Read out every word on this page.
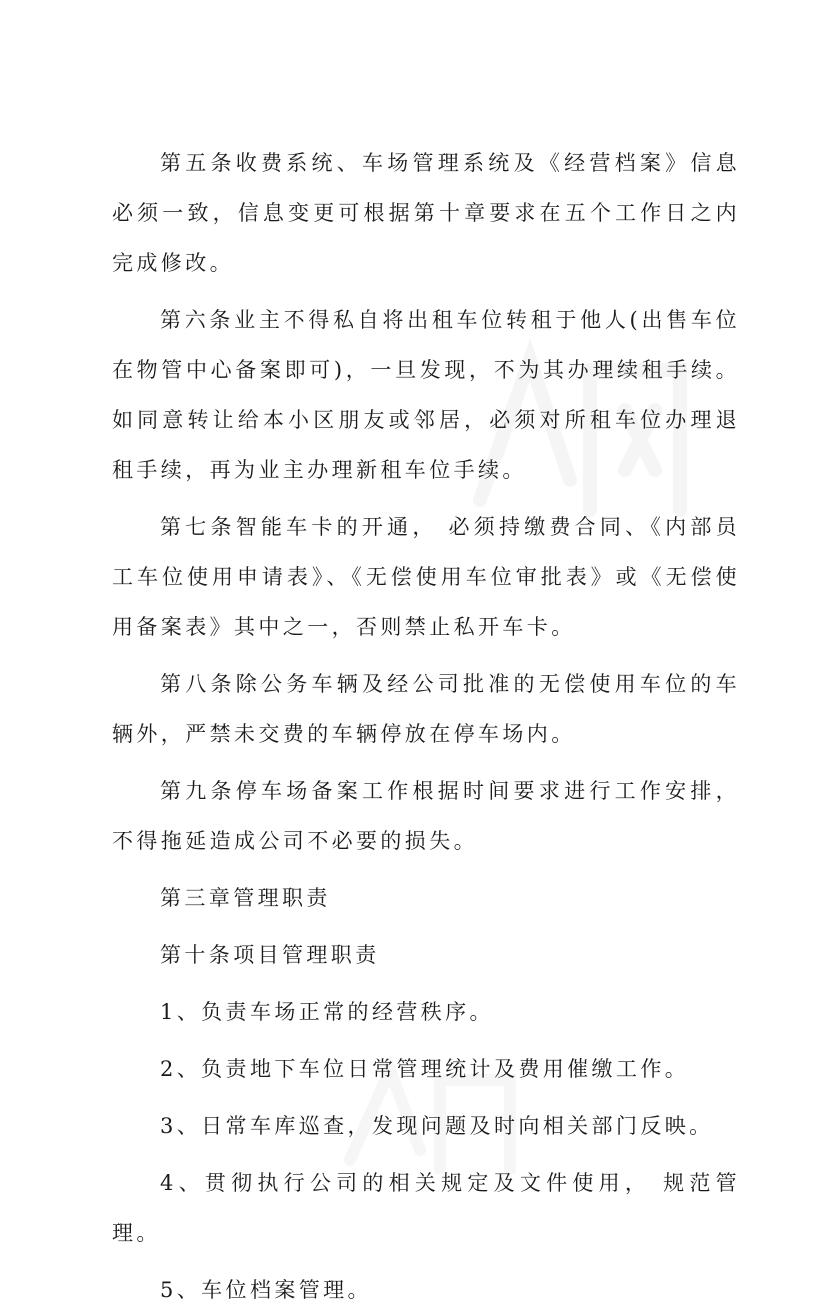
第五条收费系统、车场管理系统及《经营档案》信息必须一致，信息变更可根据第十章要求在五个工作日之内完成修改。

第六条业主不得私自将出租车位转租于他人(出售车位在物管中心备案即可)，一旦发现，不为其办理续租手续。如同意转让给本小区朋友或邻居，必须对所租车位办理退租手续，再为业主办理新租车位手续。

第七条智能车卡的开通， 必须持缴费合同、《内部员工车位使用申请表》、《无偿使用车位审批表》或《无偿使用备案表》其中之一，否则禁止私开车卡。

第八条除公务车辆及经公司批准的无偿使用车位的车辆外，严禁未交费的车辆停放在停车场内。

第九条停车场备案工作根据时间要求进行工作安排，不得拖延造成公司不必要的损失。

第三章管理职责

第十条项目管理职责

1、负责车场正常的经营秩序。

2、负责地下车位日常管理统计及费用催缴工作。

3、日常车库巡查，发现问题及时向相关部门反映。

4、贯彻执行公司的相关规定及文件使用， 规范管理。

5、车位档案管理。
